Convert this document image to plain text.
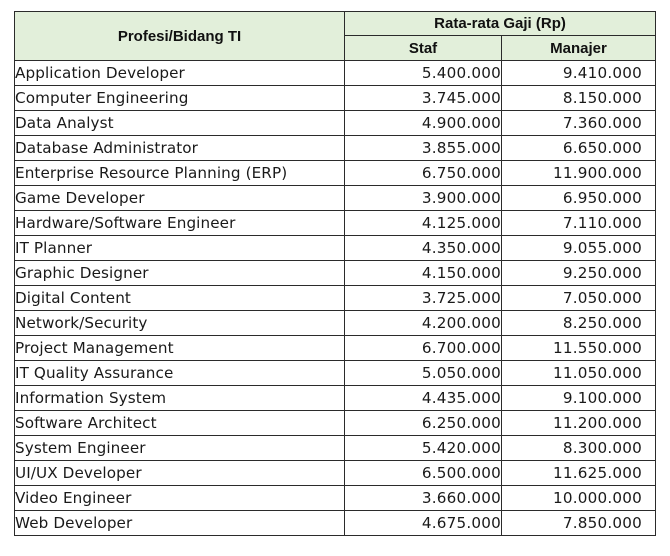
Profesi/Bidang TI	Rata-rata Gaji (Rp)	
	Staf	Manajer
Application Developer	5.400.000	9.410.000
Computer Engineering	3.745.000	8.150.000
Data Analyst	4.900.000	7.360.000
Database Administrator	3.855.000	6.650.000
Enterprise Resource Planning (ERP)	6.750.000	11.900.000
Game Developer	3.900.000	6.950.000
Hardware/Software Engineer	4.125.000	7.110.000
IT Planner	4.350.000	9.055.000
Graphic Designer	4.150.000	9.250.000
Digital Content	3.725.000	7.050.000
Network/Security	4.200.000	8.250.000
Project Management	6.700.000	11.550.000
IT Quality Assurance	5.050.000	11.050.000
Information System	4.435.000	9.100.000
Software Architect	6.250.000	11.200.000
System Engineer	5.420.000	8.300.000
UI/UX Developer	6.500.000	11.625.000
Video Engineer	3.660.000	10.000.000
Web Developer	4.675.000	7.850.000
